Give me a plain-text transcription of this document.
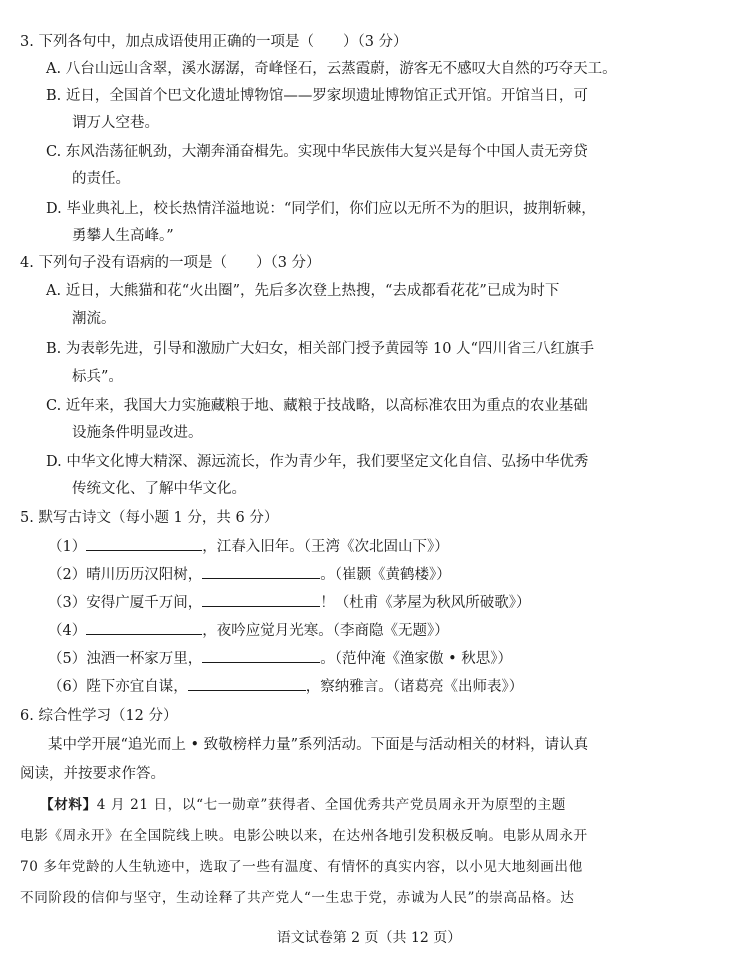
3. 下列各句中，加点成语使用正确的一项是（　　）（3 分）
A. 八台山远山含翠，溪水潺潺，奇峰怪石，云蒸霞蔚，游客无不感叹大自然的巧夺天工。
B. 近日，全国首个巴文化遗址博物馆——罗家坝遗址博物馆正式开馆。开馆当日，可
谓万人空巷。
C. 东风浩荡征帆劲，大潮奔涌奋楫先。实现中华民族伟大复兴是每个中国人责无旁贷
的责任。
D. 毕业典礼上，校长热情洋溢地说：“同学们，你们应以无所不为的胆识，披荆斩棘，
勇攀人生高峰。”
4. 下列句子没有语病的一项是（　　）（3 分）
A. 近日，大熊猫和花“火出圈”，先后多次登上热搜，“去成都看花花”已成为时下
潮流。
B. 为表彰先进，引导和激励广大妇女，相关部门授予黄园等 10 人“四川省三八红旗手
标兵”。
C. 近年来，我国大力实施藏粮于地、藏粮于技战略，以高标准农田为重点的农业基础
设施条件明显改进。
D. 中华文化博大精深、源远流长，作为青少年，我们要坚定文化自信、弘扬中华优秀
传统文化、了解中华文化。
5. 默写古诗文（每小题 1 分，共 6 分）
（1）	，江春入旧年。（王湾《次北固山下》）
（2）晴川历历汉阳树，	。（崔颢《黄鹤楼》）
（3）安得广厦千万间，	！（杜甫《茅屋为秋风所破歌》）
（4）	，夜吟应觉月光寒。（李商隐《无题》）
（5）浊酒一杯家万里，	。（范仲淹《渔家傲 • 秋思》）
（6）陛下亦宜自谋，	，察纳雅言。（诸葛亮《出师表》）
6. 综合性学习（12 分）
某中学开展“追光而上 • 致敬榜样力量”系列活动。下面是与活动相关的材料，请认真
阅读，并按要求作答。
【材料】4 月 21 日，以“七一勋章”获得者、全国优秀共产党员周永开为原型的主题
电影《周永开》在全国院线上映。电影公映以来，在达州各地引发积极反响。电影从周永开
70 多年党龄的人生轨迹中，选取了一些有温度、有情怀的真实内容，以小见大地刻画出他
不同阶段的信仰与坚守，生动诠释了共产党人“一生忠于党，赤诚为人民”的崇高品格。达
语文试卷第 2 页（共 12 页）
